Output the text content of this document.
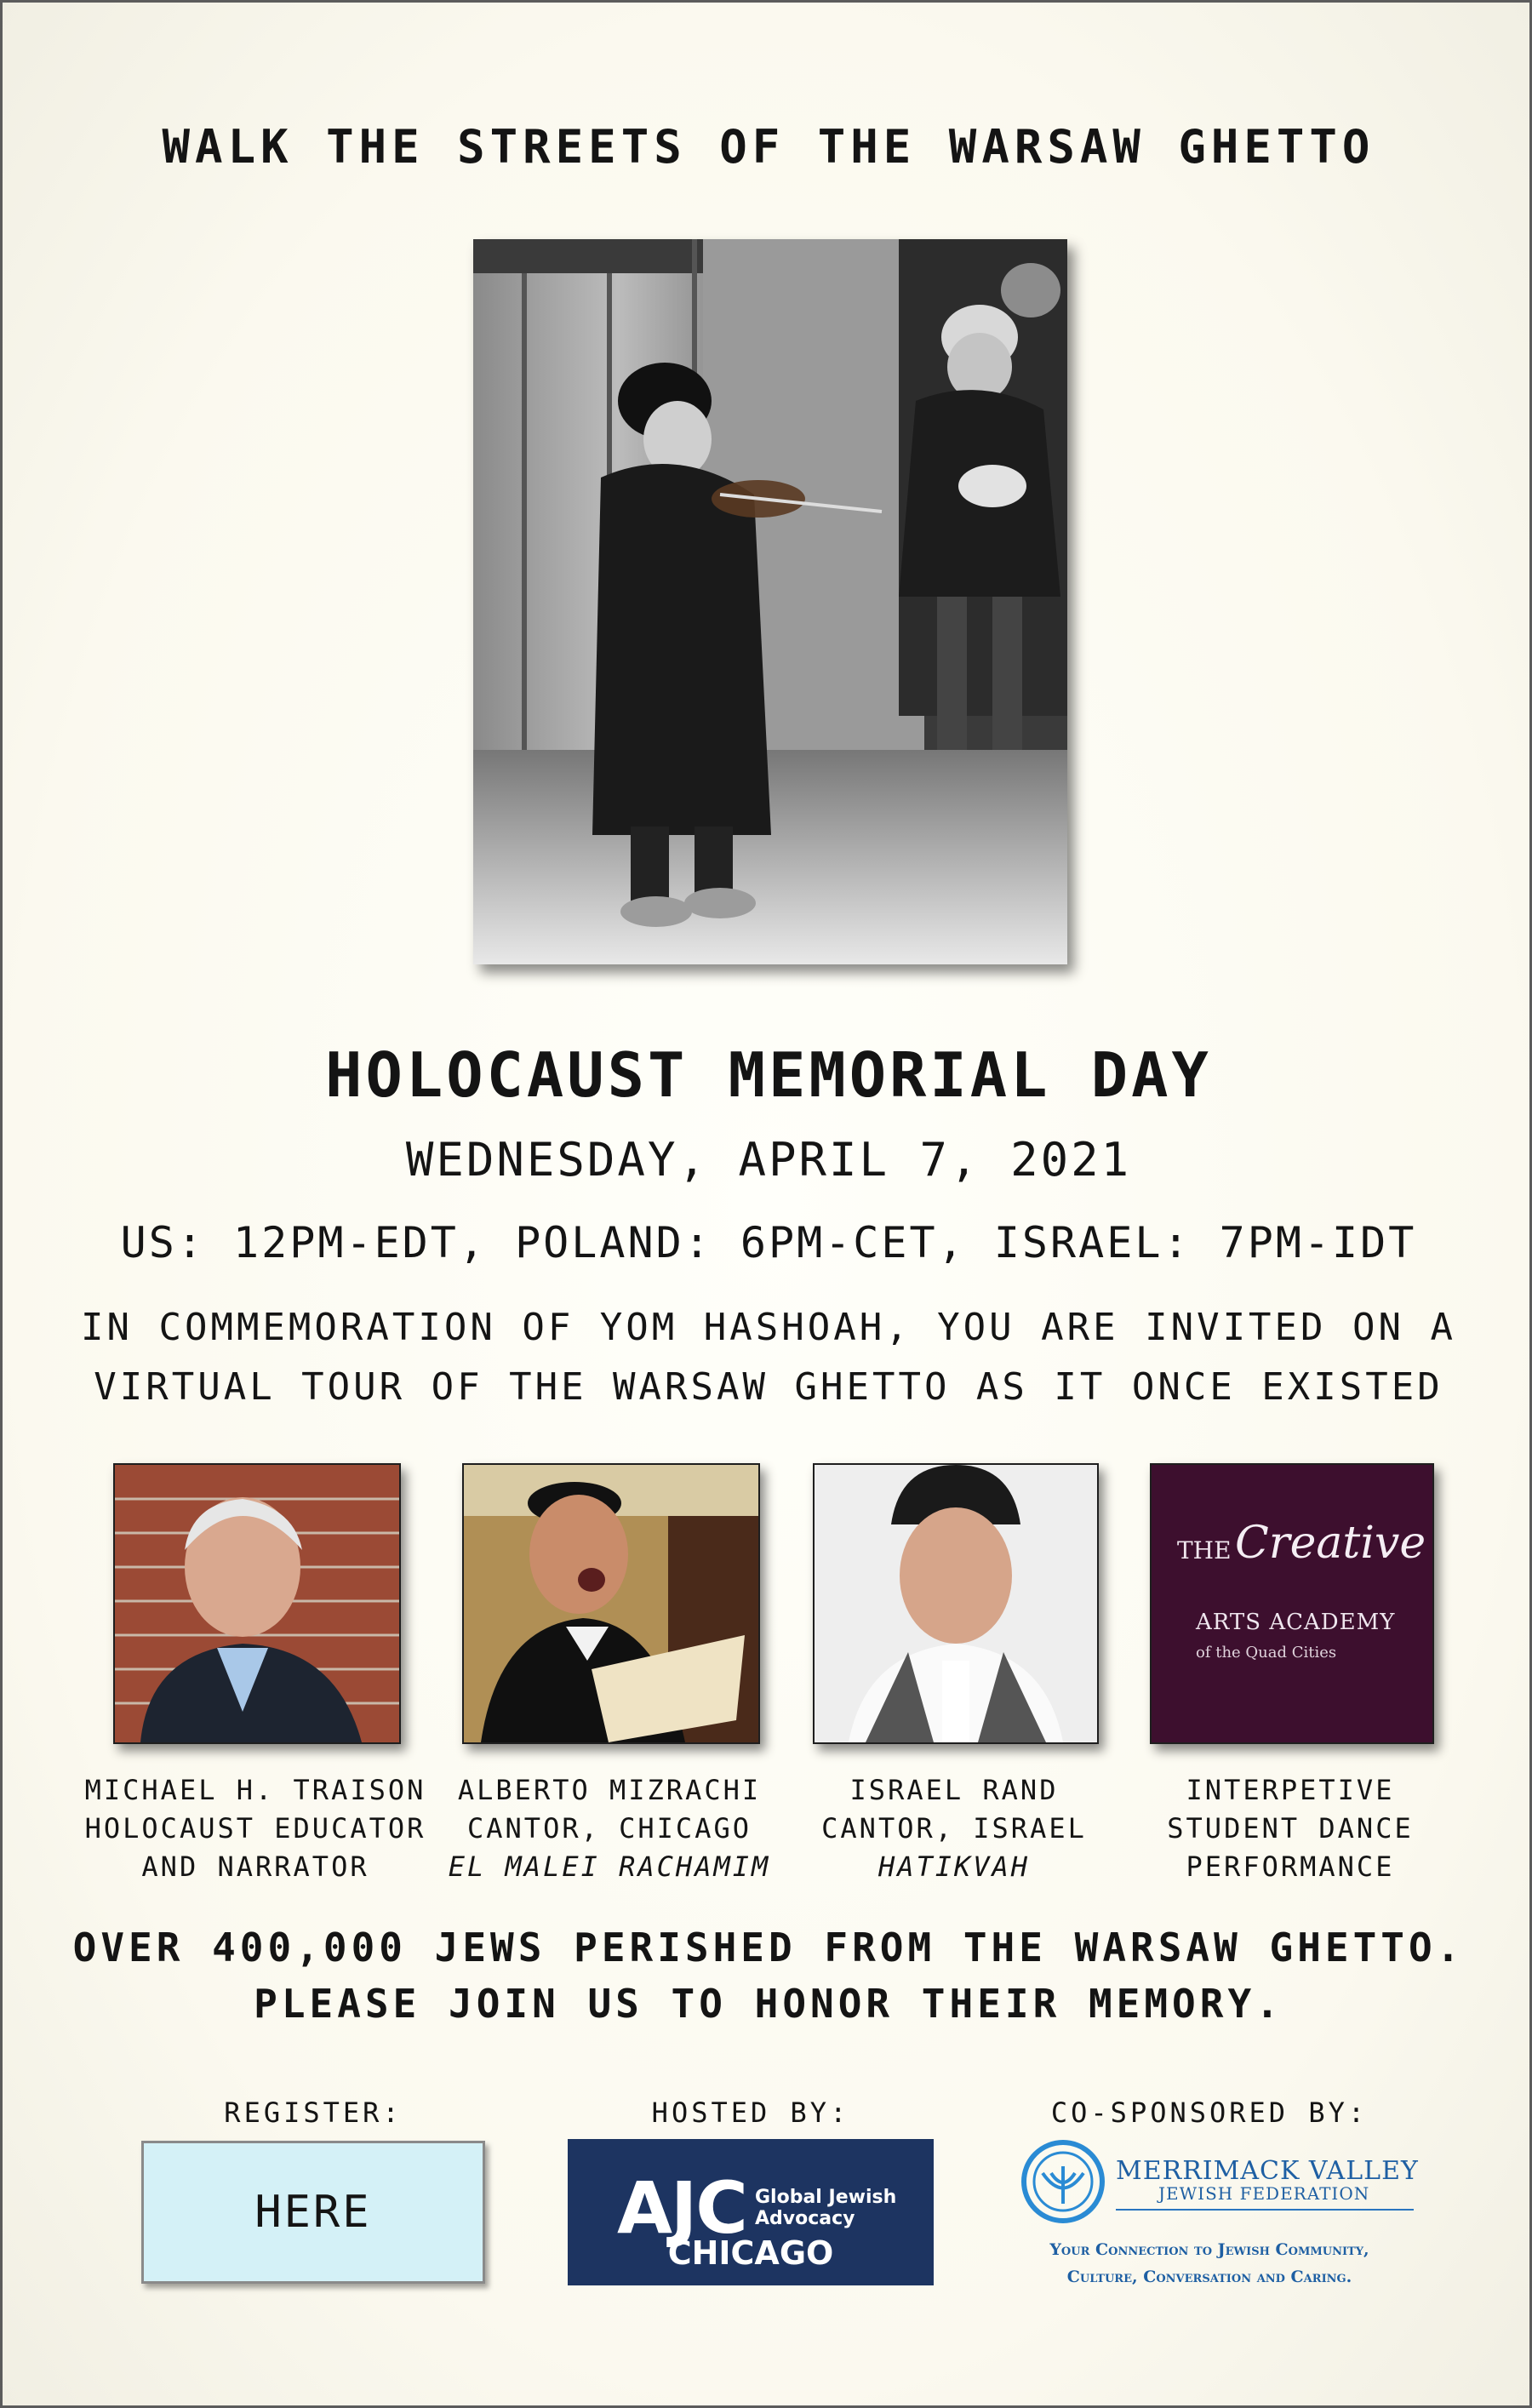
WALK THE STREETS OF THE WARSAW GHETTO
HOLOCAUST MEMORIAL DAY
WEDNESDAY, APRIL 7, 2021
US: 12PM-EDT, POLAND: 6PM-CET, ISRAEL: 7PM-IDT
IN COMMEMORATION OF YOM HASHOAH, YOU ARE INVITED ON A
VIRTUAL TOUR OF THE WARSAW GHETTO AS IT ONCE EXISTED
THE Creative
ARTS ACADEMY
of the Quad Cities
MICHAEL H. TRAISON
HOLOCAUST EDUCATOR
AND NARRATOR
ALBERTO MIZRACHI
CANTOR, CHICAGO
EL MALEI RACHAMIM
ISRAEL RAND
CANTOR, ISRAEL
HATIKVAH
INTERPETIVE
STUDENT DANCE
PERFORMANCE
OVER 400,000 JEWS PERISHED FROM THE WARSAW GHETTO.
PLEASE JOIN US TO HONOR THEIR MEMORY.
REGISTER:	HOSTED BY:	CO-SPONSORED BY:
HERE	AJC Global Jewish
Advocacy
CHICAGO
MERRIMACK VALLEY
JEWISH FEDERATION
Your Connection to Jewish Community,
Culture, Conversation and Caring.
